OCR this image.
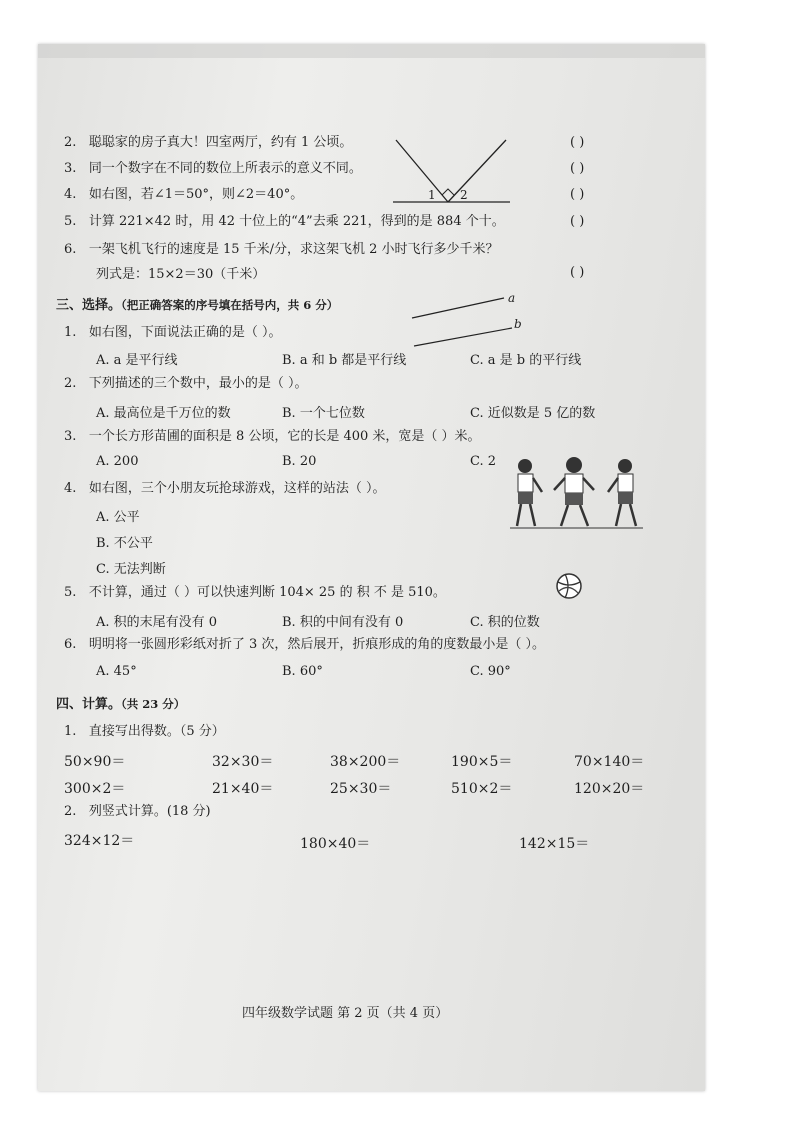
2. 聪聪家的房子真大！四室两厅，约有 1 公顷。	( )
3. 同一个数字在不同的数位上所表示的意义不同。	( )
4. 如右图，若∠1＝50°，则∠2＝40°。	( )
1 2
5. 计算 221×42 时，用 42 十位上的“4”去乘 221，得到的是 884 个十。	( )
6. 一架飞机飞行的速度是 15 千米/分，求这架飞机 2 小时飞行多少千米？
列式是：15×2＝30（千米）	( )
三、选择。（把正确答案的序号填在括号内，共 6 分）	a
b
1. 如右图，下面说法正确的是（ ）。
A. a 是平行线	B. a 和 b 都是平行线	C. a 是 b 的平行线
2. 下列描述的三个数中，最小的是（ ）。
A. 最高位是千万位的数	B. 一个七位数	C. 近似数是 5 亿的数
3. 一个长方形苗圃的面积是 8 公顷，它的长是 400 米，宽是（ ）米。
A. 200	B. 20	C. 2
4. 如右图，三个小朋友玩抢球游戏，这样的站法（ ）。
A. 公平
B. 不公平
C. 无法判断
5. 不计算，通过（ ）可以快速判断 104× 25 的 积 不 是 510。
A. 积的末尾有没有 0	B. 积的中间有没有 0	C. 积的位数
6. 明明将一张圆形彩纸对折了 3 次，然后展开，折痕形成的角的度数最小是（ ）。
A. 45°	B. 60°	C. 90°
四、计算。（共 23 分）
1. 直接写出得数。（5 分）
50×90＝	32×30＝	38×200＝	190×5＝	70×140＝
300×2＝	21×40＝	25×30＝	510×2＝	120×20＝
2. 列竖式计算。(18 分)
324×12＝	180×40＝	142×15＝
四年级数学试题 第 2 页（共 4 页）
